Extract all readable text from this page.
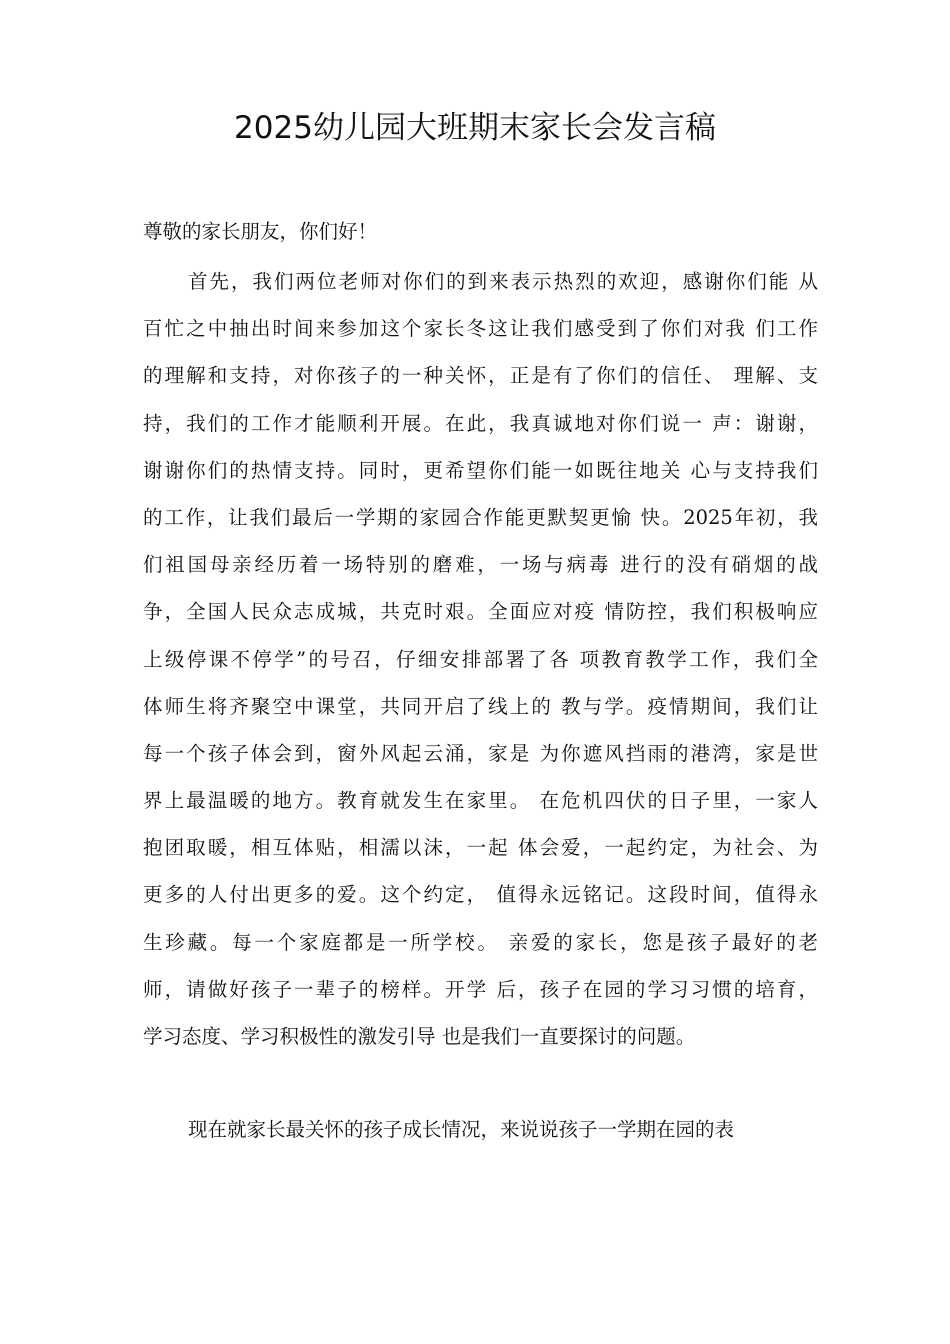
2025幼儿园大班期末家长会发言稿

尊敬的家长朋友，你们好！

首先，我们两位老师对你们的到来表示热烈的欢迎，感谢你们能 从
百忙之中抽出时间来参加这个家长冬这让我们感受到了你们对我 们工作
的理解和支持，对你孩子的一种关怀，正是有了你们的信任、 理解、支
持，我们的工作才能顺利开展。在此，我真诚地对你们说一 声：谢谢，
谢谢你们的热情支持。同时，更希望你们能一如既往地关 心与支持我们
的工作，让我们最后一学期的家园合作能更默契更愉 快。2025年初，我
们祖国母亲经历着一场特别的磨难，一场与病毒 进行的没有硝烟的战
争，全国人民众志成城，共克时艰。全面应对疫 情防控，我们积极响应
上级停课不停学”的号召，仔细安排部署了各 项教育教学工作，我们全
体师生将齐聚空中课堂，共同开启了线上的 教与学。疫情期间，我们让
每一个孩子体会到，窗外风起云涌，家是 为你遮风挡雨的港湾，家是世
界上最温暖的地方。教育就发生在家里。 在危机四伏的日子里，一家人
抱团取暖，相互体贴，相濡以沫，一起 体会爱，一起约定，为社会、为
更多的人付出更多的爱。这个约定， 值得永远铭记。这段时间，值得永
生珍藏。每一个家庭都是一所学校。 亲爱的家长，您是孩子最好的老
师，请做好孩子一辈子的榜样。开学 后，孩子在园的学习习惯的培育，
学习态度、学习积极性的激发引导 也是我们一直要探讨的问题。

现在就家长最关怀的孩子成长情况，来说说孩子一学期在园的表
